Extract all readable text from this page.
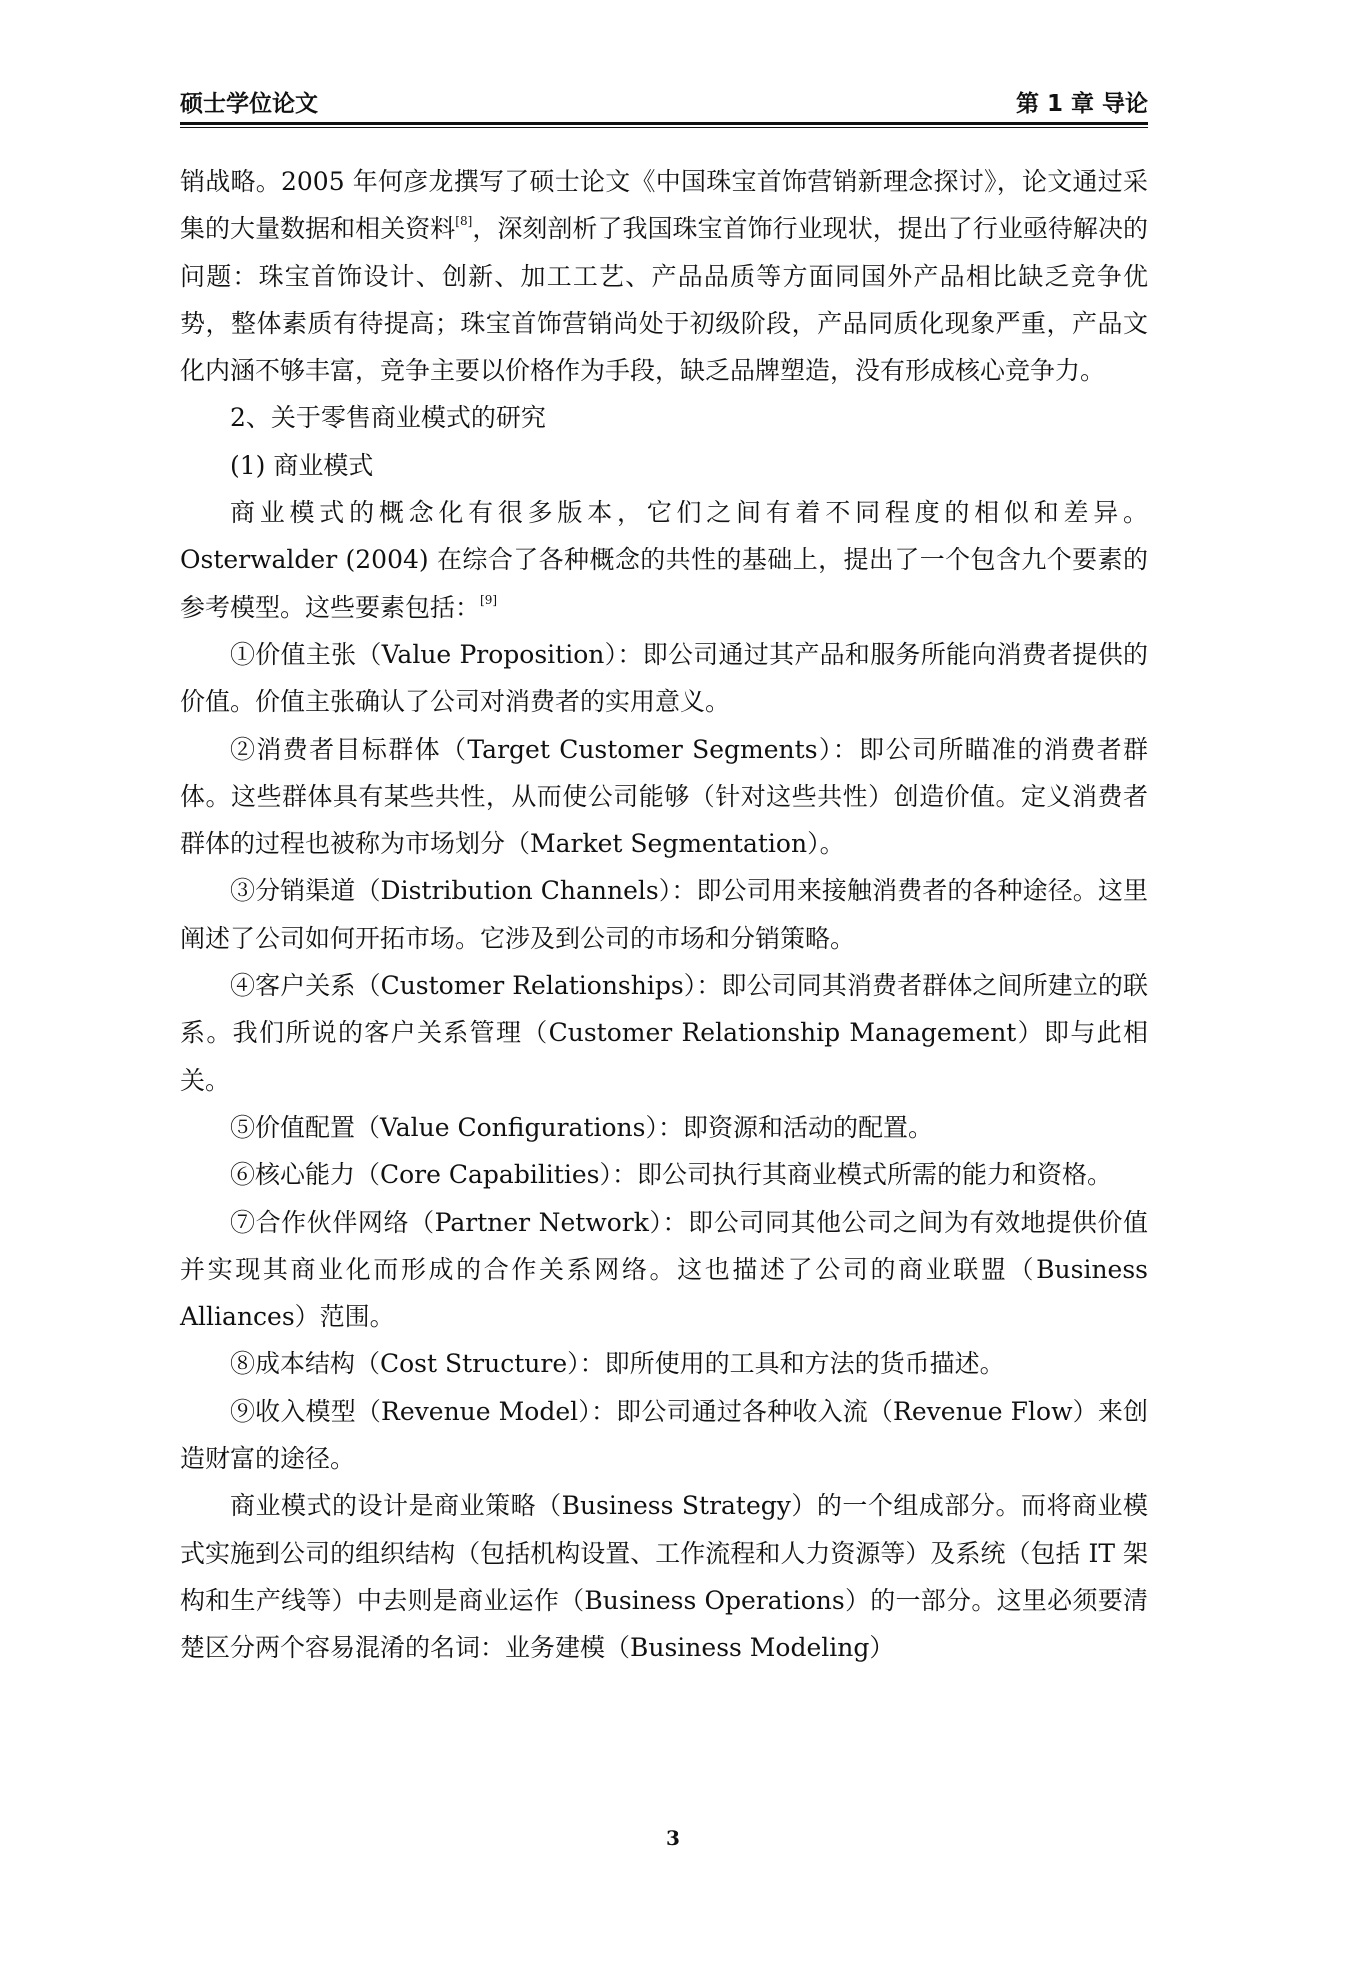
硕士学位论文	第 1 章 导论

销战略。2005 年何彦龙撰写了硕士论文《中国珠宝首饰营销新理念探讨》，论文通过采集的大量数据和相关资料[8]，深刻剖析了我国珠宝首饰行业现状，提出了行业亟待解决的问题：珠宝首饰设计、创新、加工工艺、产品品质等方面同国外产品相比缺乏竞争优势，整体素质有待提高；珠宝首饰营销尚处于初级阶段，产品同质化现象严重，产品文化内涵不够丰富，竞争主要以价格作为手段，缺乏品牌塑造，没有形成核心竞争力。

2、关于零售商业模式的研究

(1) 商业模式

商业模式的概念化有很多版本，它们之间有着不同程度的相似和差异。Osterwalder (2004) 在综合了各种概念的共性的基础上，提出了一个包含九个要素的参考模型。这些要素包括：[9]

①价值主张（Value Proposition）：即公司通过其产品和服务所能向消费者提供的价值。价值主张确认了公司对消费者的实用意义。

②消费者目标群体（Target Customer Segments）：即公司所瞄准的消费者群体。这些群体具有某些共性，从而使公司能够（针对这些共性）创造价值。定义消费者群体的过程也被称为市场划分（Market Segmentation）。

③分销渠道（Distribution Channels）：即公司用来接触消费者的各种途径。这里阐述了公司如何开拓市场。它涉及到公司的市场和分销策略。

④客户关系（Customer Relationships）：即公司同其消费者群体之间所建立的联系。我们所说的客户关系管理（Customer Relationship Management）即与此相关。

⑤价值配置（Value Configurations）：即资源和活动的配置。

⑥核心能力（Core Capabilities）：即公司执行其商业模式所需的能力和资格。

⑦合作伙伴网络（Partner Network）：即公司同其他公司之间为有效地提供价值并实现其商业化而形成的合作关系网络。这也描述了公司的商业联盟（Business Alliances）范围。

⑧成本结构（Cost Structure）：即所使用的工具和方法的货币描述。

⑨收入模型（Revenue Model）：即公司通过各种收入流（Revenue Flow）来创造财富的途径。

商业模式的设计是商业策略（Business Strategy）的一个组成部分。而将商业模式实施到公司的组织结构（包括机构设置、工作流程和人力资源等）及系统（包括 IT 架构和生产线等）中去则是商业运作（Business Operations）的一部分。这里必须要清楚区分两个容易混淆的名词：业务建模（Business Modeling）

3
